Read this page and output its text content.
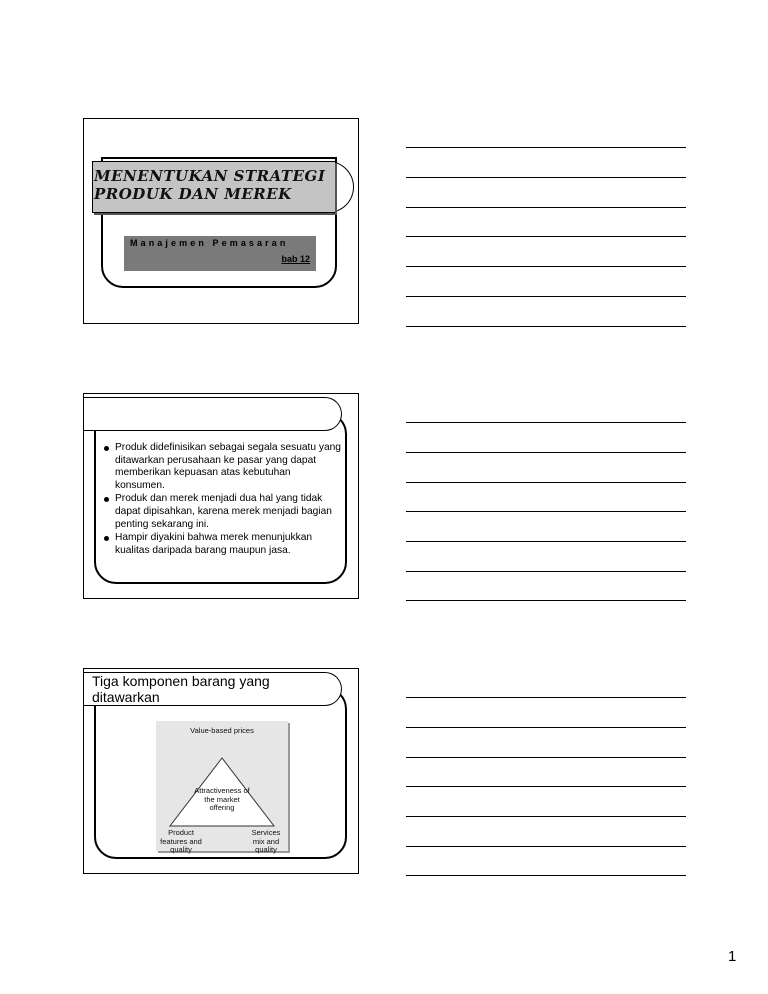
MENENTUKAN STRATEGI
PRODUK DAN MEREK
Manajemen Pemasaran
bab 12
Produk didefinisikan sebagai segala sesuatu yang ditawarkan perusahaan ke pasar yang dapat memberikan kepuasan atas kebutuhan konsumen.
Produk dan merek menjadi dua hal yang tidak dapat dipisahkan, karena merek menjadi bagian penting sekarang ini.
Hampir diyakini bahwa merek menunjukkan kualitas daripada barang maupun jasa.
Tiga komponen barang yang ditawarkan
Value-based prices
Attractiveness of the market offering
Product features and quality
Services mix and quality
1
